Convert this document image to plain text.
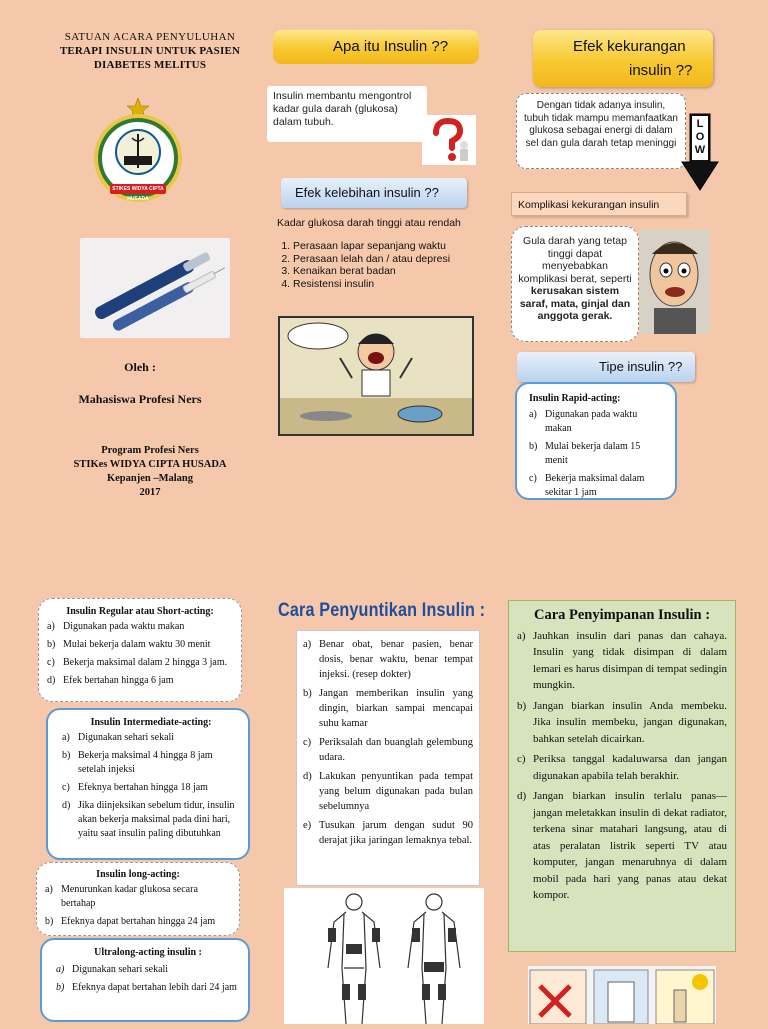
SATUAN ACARA PENYULUHAN
TERAPI INSULIN UNTUK PASIEN
DIABETES MELITUS
STIKES WIDYA CIPTA HUSADA
Oleh :
Mahasiswa Profesi Ners
Program Profesi Ners
STIKes WIDYA CIPTA HUSADA
Kepanjen –Malang
2017
Apa itu Insulin ??
Insulin membantu mengontrol kadar gula darah (glukosa) dalam tubuh.
Efek kelebihan insulin ??
Kadar glukosa darah tinggi atau rendah
1. Perasaan lapar sepanjang waktu
2. Perasaan lelah dan / atau depresi
3. Kenaikan berat badan
4. Resistensi insulin
Efek kekurangan
insulin ??
Dengan tidak adanya insulin, tubuh tidak mampu memanfaatkan glukosa sebagai energi di dalam sel dan gula darah tetap meninggi
L
O
W
Komplikasi kekurangan insulin
Gula darah yang tetap tinggi dapat menyebabkan komplikasi berat, seperti kerusakan sistem saraf, mata, ginjal dan anggota gerak.
Tipe insulin ??
Insulin Rapid-acting:
a) Digunakan pada waktu makan
b) Mulai bekerja dalam 15 menit
c) Bekerja maksimal dalam sekitar 1 jam
Insulin Regular atau Short-acting:
a) Digunakan pada waktu makan
b) Mulai bekerja dalam waktu 30 menit
c) Bekerja maksimal dalam 2 hingga 3 jam.
d) Efek bertahan hingga 6 jam
Insulin Intermediate-acting:
a) Digunakan sehari sekali
b) Bekerja maksimal 4 hingga 8 jam setelah injeksi
c) Efeknya bertahan hingga 18 jam
d) Jika diinjeksikan sebelum tidur, insulin akan bekerja maksimal pada dini hari, yaitu saat insulin paling dibutuhkan
Insulin long-acting:
a) Menurunkan kadar glukosa secara bertahap
b) Efeknya dapat bertahan hingga 24 jam
Ultralong-acting insulin :
a) Digunakan sehari sekali
b) Efeknya dapat bertahan lebih dari 24 jam
Cara Penyuntikan Insulin :
a) Benar obat, benar pasien, benar dosis, benar waktu, benar tempat injeksi. (resep dokter)
b) Jangan memberikan insulin yang dingin, biarkan sampai mencapai suhu kamar
c) Periksalah dan buanglah gelembung udara.
d) Lakukan penyuntikan pada tempat yang belum digunakan pada bulan sebelumnya
e) Tusukan jarum dengan sudut 90 derajat jika jaringan lemaknya tebal.
Cara Penyimpanan Insulin :
a) Jauhkan insulin dari panas dan cahaya. Insulin yang tidak disimpan di dalam lemari es harus disimpan di tempat sedingin mungkin.
b) Jangan biarkan insulin Anda membeku. Jika insulin membeku, jangan digunakan, bahkan setelah dicairkan.
c) Periksa tanggal kadaluwarsa dan jangan digunakan apabila telah berakhir.
d) Jangan biarkan insulin terlalu panas—jangan meletakkan insulin di dekat radiator, terkena sinar matahari langsung, atau di atas peralatan listrik seperti TV atau komputer, jangan menaruhnya di dalam mobil pada hari yang panas atau dekat kompor.
